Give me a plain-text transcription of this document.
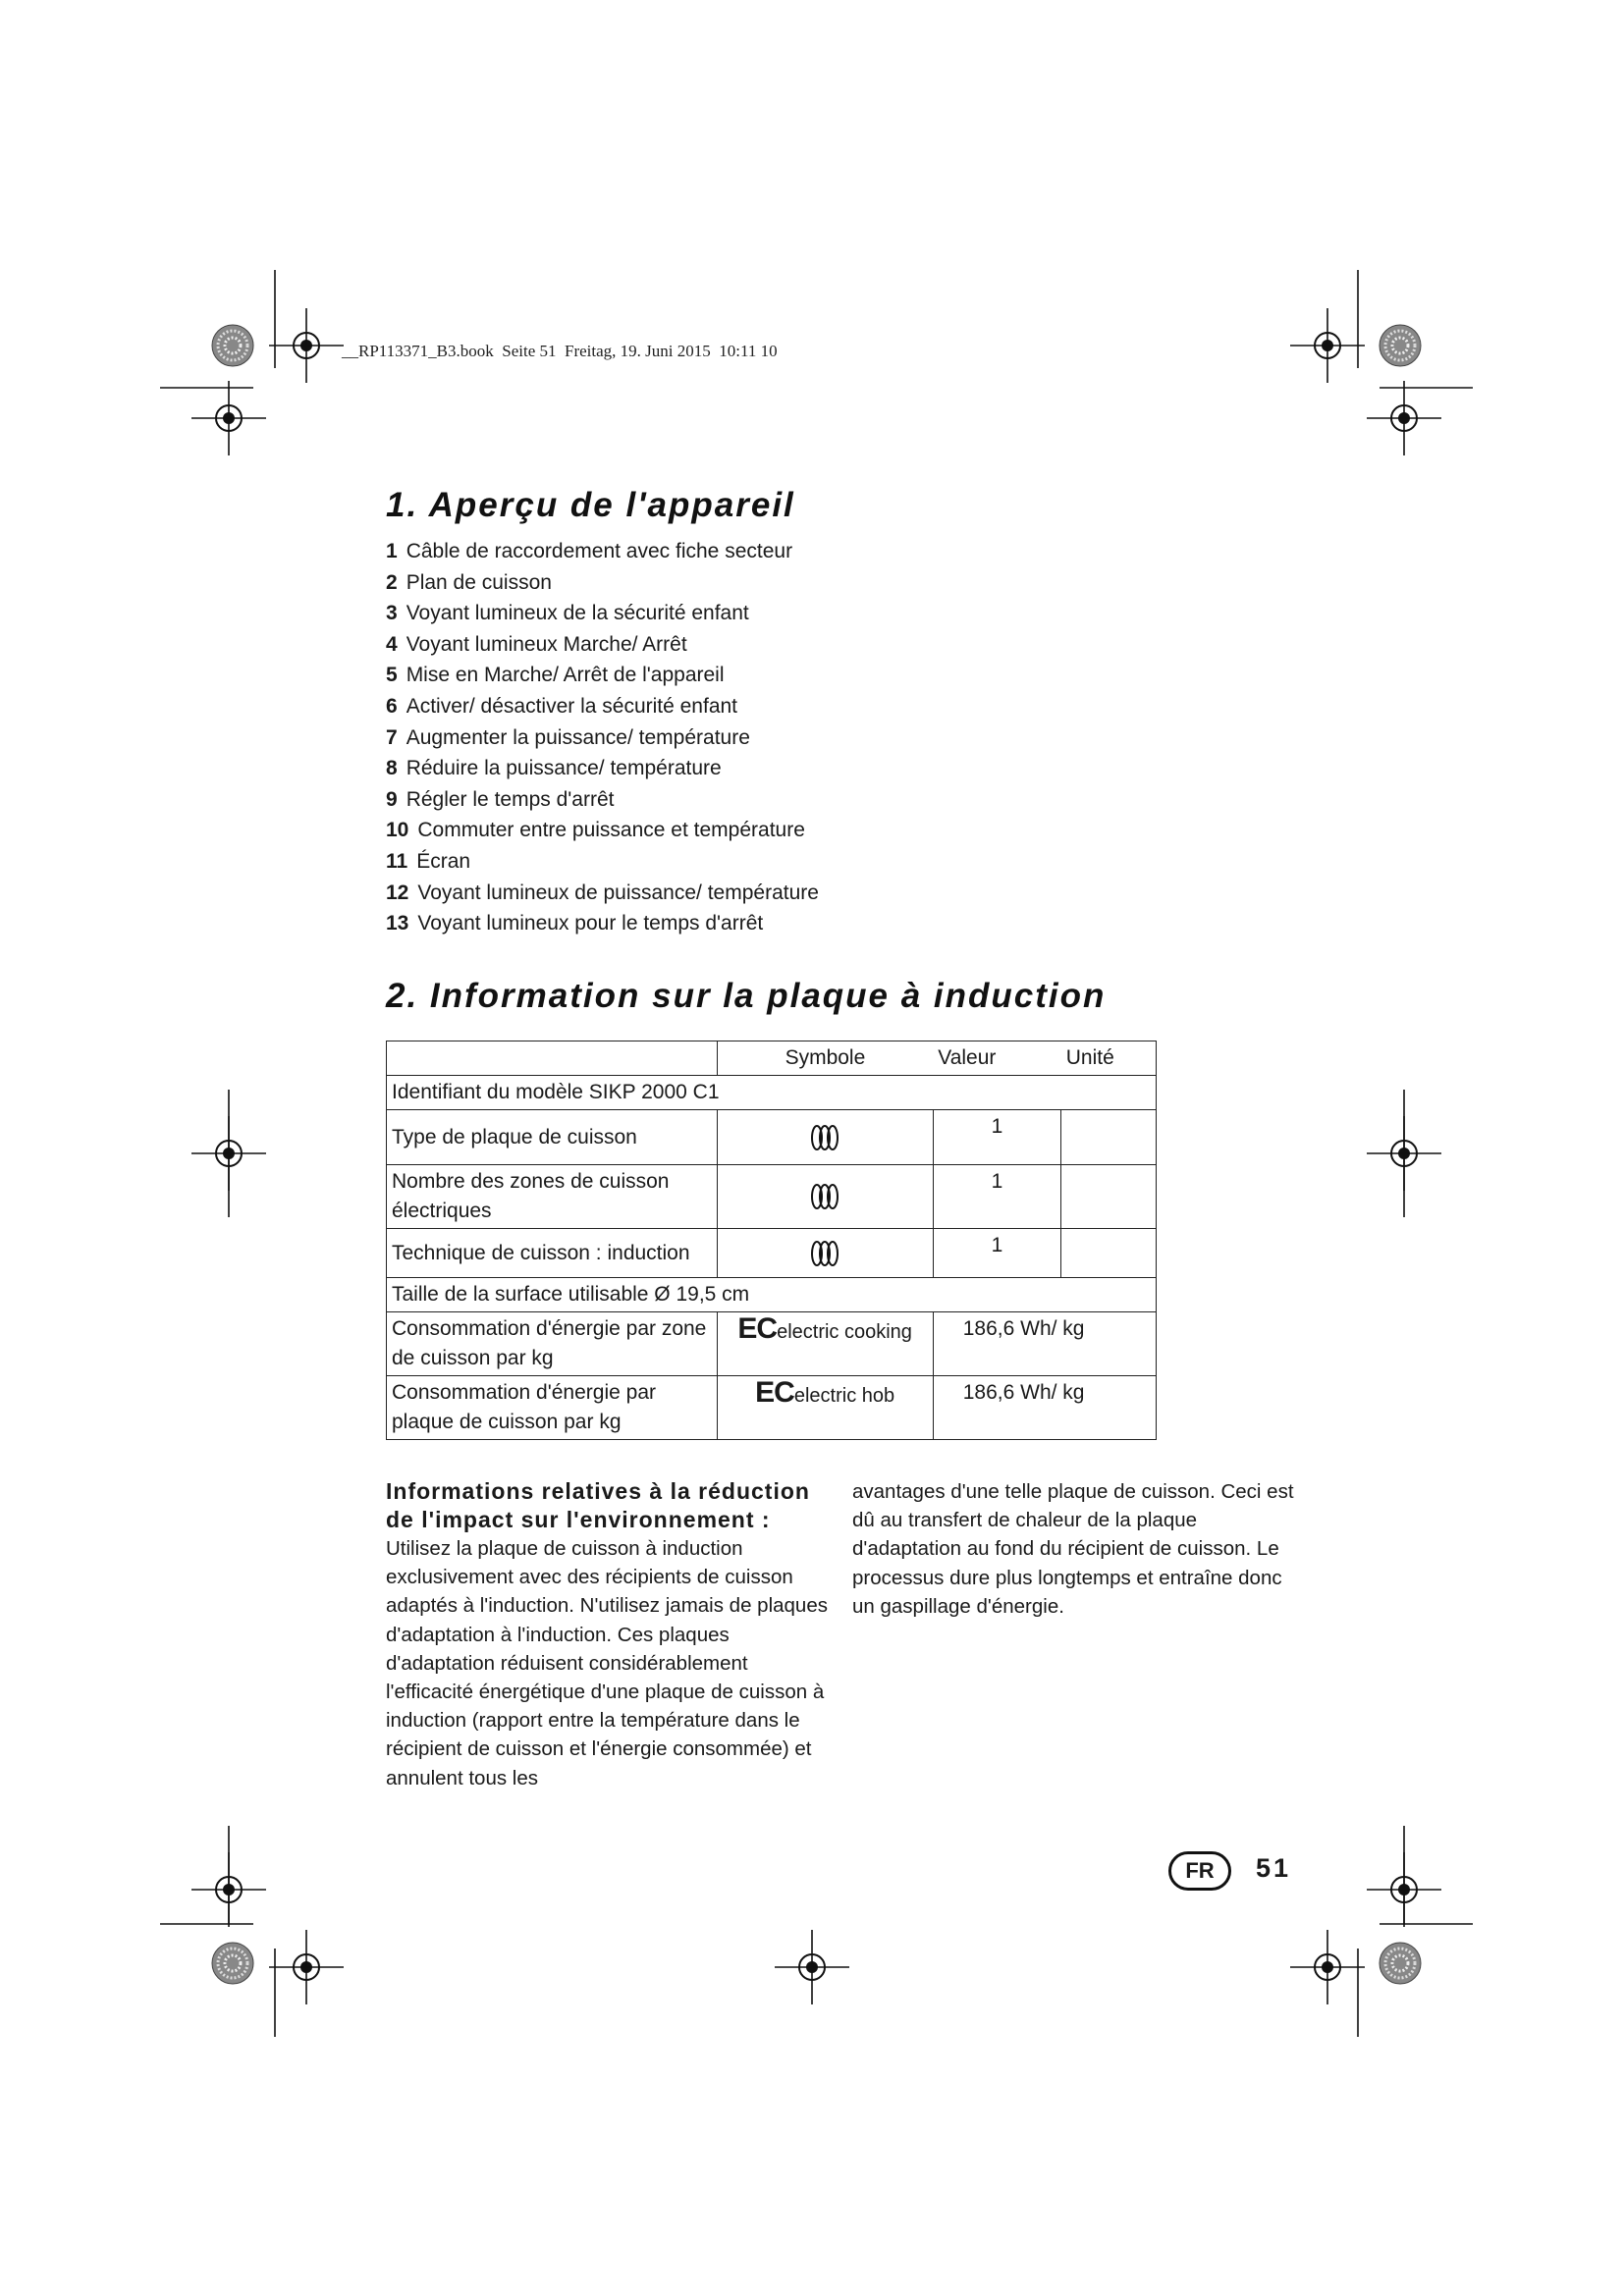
__RP113371_B3.book  Seite 51  Freitag, 19. Juni 2015  10:11 10
1. Aperçu de l'appareil
1 Câble de raccordement avec fiche secteur
2 Plan de cuisson
3 Voyant lumineux de la sécurité enfant
4 Voyant lumineux Marche/ Arrêt
5 Mise en Marche/ Arrêt de l'appareil
6 Activer/ désactiver la sécurité enfant
7 Augmenter la puissance/ température
8 Réduire la puissance/ température
9 Régler le temps d'arrêt
10 Commuter entre puissance et température
11 Écran
12 Voyant lumineux de puissance/ température
13 Voyant lumineux pour le temps d'arrêt
2. Information sur la plaque à induction
	Symbole	Valeur	Unité
Identifiant du modèle SIKP 2000 C1			
Type de plaque de cuisson		1	
Nombre des zones de cuisson électriques		1	
Technique de cuisson : induction		1	
Taille de la surface utilisable Ø 19,5 cm			
Consommation d'énergie par zone de cuisson par kg	ECelectric cooking	186,6 Wh/ kg	
Consommation d'énergie par plaque de cuisson par kg	ECelectric hob	186,6 Wh/ kg	
Informations relatives à la réduction de l'impact sur l'environnement :
Utilisez la plaque de cuisson à induction exclusivement avec des récipients de cuisson adaptés à l'induction. N'utilisez jamais de plaques d'adaptation à l'induction. Ces plaques d'adaptation réduisent considérablement l'efficacité énergétique d'une plaque de cuisson à induction (rapport entre la température dans le récipient de cuisson et l'énergie consommée) et annulent tous les
avantages d'une telle plaque de cuisson. Ceci est dû au transfert de chaleur de la plaque d'adaptation au fond du récipient de cuisson. Le processus dure plus longtemps et entraîne donc un gaspillage d'énergie.
FR	51
